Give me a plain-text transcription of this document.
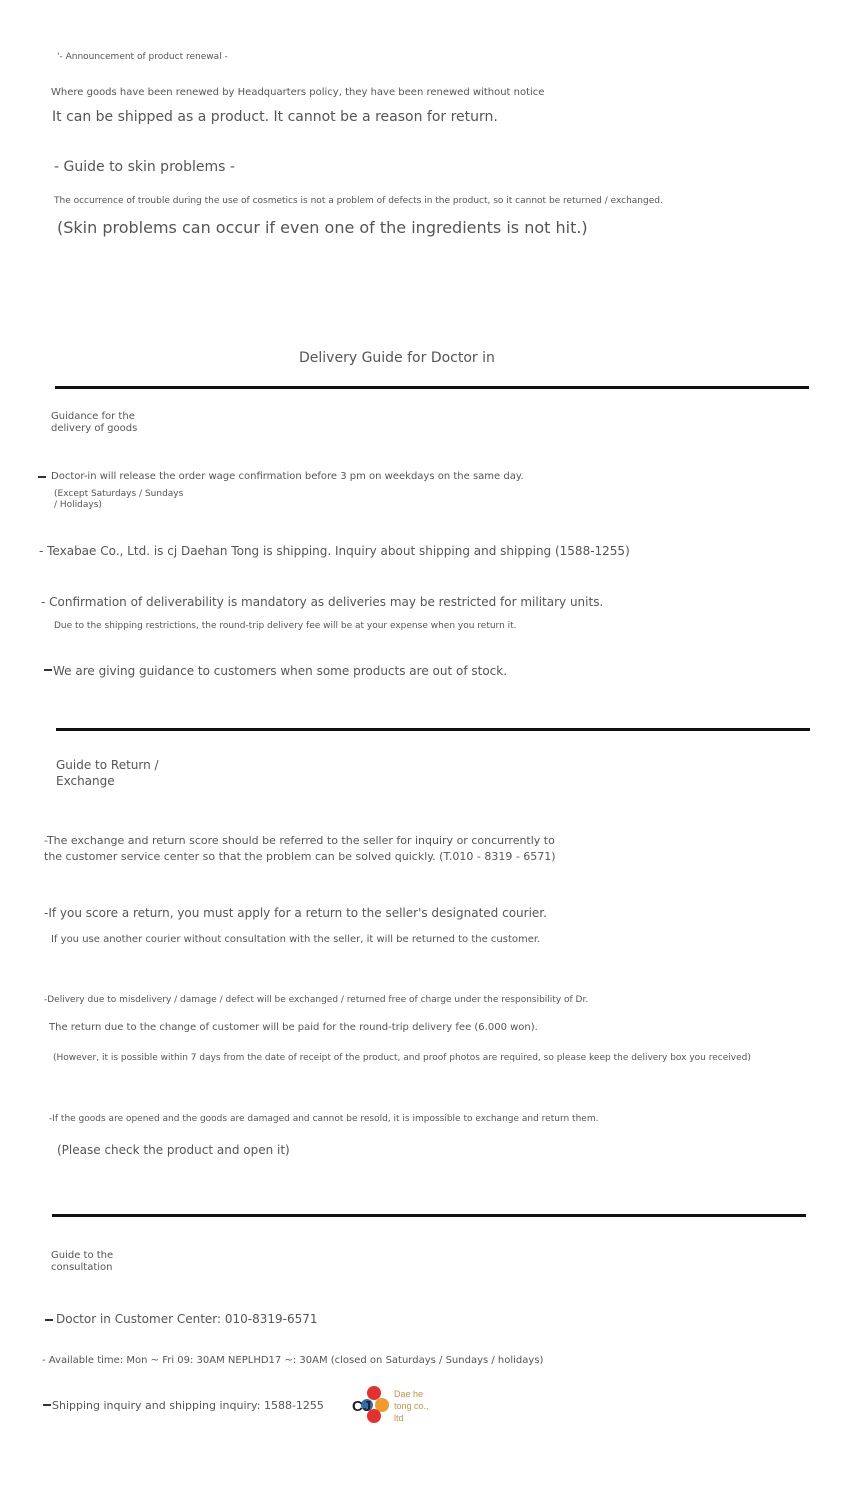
'- Announcement of product renewal -
Where goods have been renewed by Headquarters policy, they have been renewed without notice
It can be shipped as a product. It cannot be a reason for return.
- Guide to skin problems -
The occurrence of trouble during the use of cosmetics is not a problem of defects in the product, so it cannot be returned / exchanged.
(Skin problems can occur if even one of the ingredients is not hit.)
Delivery Guide for Doctor in
Guidance for the delivery of goods
Doctor-in will release the order wage confirmation before 3 pm on weekdays on the same day.
(Except Saturdays / Sundays / Holidays)
- Texabae Co., Ltd. is cj Daehan Tong is shipping. Inquiry about shipping and shipping (1588-1255)
- Confirmation of deliverability is mandatory as deliveries may be restricted for military units.
Due to the shipping restrictions, the round-trip delivery fee will be at your expense when you return it.
We are giving guidance to customers when some products are out of stock.
Guide to Return / Exchange
-The exchange and return score should be referred to the seller for inquiry or concurrently to the customer service center so that the problem can be solved quickly. (T.010 - 8319 - 6571)
-If you score a return, you must apply for a return to the seller's designated courier.
If you use another courier without consultation with the seller, it will be returned to the customer.
-Delivery due to misdelivery / damage / defect will be exchanged / returned free of charge under the responsibility of Dr.
The return due to the change of customer will be paid for the round-trip delivery fee (6.000 won).
(However, it is possible within 7 days from the date of receipt of the product, and proof photos are required, so please keep the delivery box you received)
-If the goods are opened and the goods are damaged and cannot be resold, it is impossible to exchange and return them.
(Please check the product and open it)
Guide to the consultation
Doctor in Customer Center: 010-8319-6571
- Available time: Mon ~ Fri 09: 30AM NEPLHD17 ~: 30AM (closed on Saturdays / Sundays / holidays)
Shipping inquiry and shipping inquiry: 1588-1255 CJ
Dae he tong co., ltd
